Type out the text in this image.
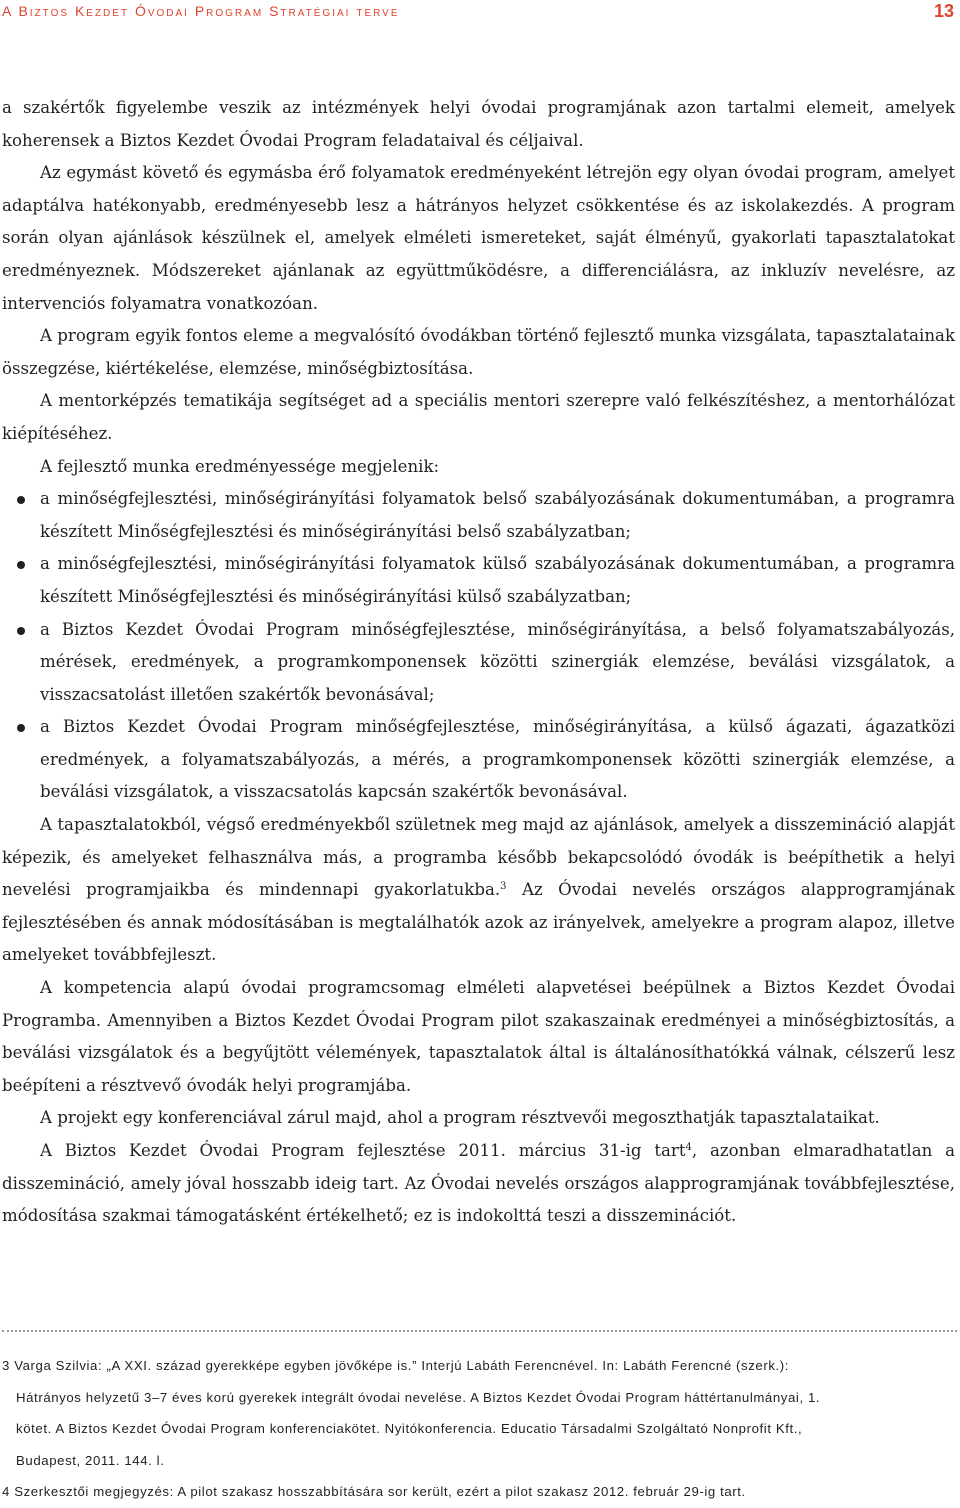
A Biztos Kezdet Óvodai Program Stratégiai terve	13

a szakértők figyelembe veszik az intézmények helyi óvodai programjának azon tartalmi elemeit, amelyek koherensek a Biztos Kezdet Óvodai Program feladataival és céljaival.

Az egymást követő és egymásba érő folyamatok eredményeként létrejön egy olyan óvodai program, amelyet adaptálva hatékonyabb, eredményesebb lesz a hátrányos helyzet csökkentése és az iskolakezdés. A program során olyan ajánlások készülnek el, amelyek elméleti ismereteket, saját élményű, gyakorlati tapasztalatokat eredményeznek. Módszereket ajánlanak az együttműködésre, a differenciálásra, az inkluzív nevelésre, az intervenciós folyamatra vonatkozóan.

A program egyik fontos eleme a megvalósító óvodákban történő fejlesztő munka vizsgálata, tapasztalatainak összegzése, kiértékelése, elemzése, minőségbiztosítása.

A mentorképzés tematikája segítséget ad a speciális mentori szerepre való felkészítéshez, a mentorhálózat kiépítéséhez.

A fejlesztő munka eredményessége megjelenik:

a minőségfejlesztési, minőségirányítási folyamatok belső szabályozásának dokumentumában, a programra készített Minőségfejlesztési és minőségirányítási belső szabályzatban;
a minőségfejlesztési, minőségirányítási folyamatok külső szabályozásának dokumentumában, a programra készített Minőségfejlesztési és minőségirányítási külső szabályzatban;
a Biztos Kezdet Óvodai Program minőségfejlesztése, minőségirányítása, a belső folyamatszabályozás, mérések, eredmények, a programkomponensek közötti szinergiák elemzése, beválási vizsgálatok, a visszacsatolást illetően szakértők bevonásával;
a Biztos Kezdet Óvodai Program minőségfejlesztése, minőségirányítása, a külső ágazati, ágazatközi eredmények, a folyamatszabályozás, a mérés, a programkomponensek közötti szinergiák elemzése, a beválási vizsgálatok, a visszacsatolás kapcsán szakértők bevonásával.

A tapasztalatokból, végső eredményekből születnek meg majd az ajánlások, amelyek a disszemináció alapját képezik, és amelyeket felhasználva más, a programba később bekapcsolódó óvodák is beépíthetik a helyi nevelési programjaikba és mindennapi gyakorlatukba.$^3$ Az Óvodai nevelés országos alapprogramjának fejlesztésében és annak módosításában is megtalálhatók azok az irányelvek, amelyekre a program alapoz, illetve amelyeket továbbfejleszt.

A kompetencia alapú óvodai programcsomag elméleti alapvetései beépülnek a Biztos Kezdet Óvodai Programba. Amennyiben a Biztos Kezdet Óvodai Program pilot szakaszainak eredményei a minőségbiztosítás, a beválási vizsgálatok és a begyűjtött vélemények, tapasztalatok által is általánosíthatókká válnak, célszerű lesz beépíteni a résztvevő óvodák helyi programjába.

A projekt egy konferenciával zárul majd, ahol a program résztvevői megoszthatják tapasztalataikat.

A Biztos Kezdet Óvodai Program fejlesztése 2011. március 31-ig tart$^4$, azonban elmaradhatatlan a disszemináció, amely jóval hosszabb ideig tart. Az Óvodai nevelés országos alapprogramjának továbbfejlesztése, módosítása szakmai támogatásként értékelhető; ez is indokolttá teszi a disszeminációt.

3 Varga Szilvia: „A XXI. század gyerekképe egyben jövőképe is.” Interjú Labáth Ferencnével. In: Labáth Ferencné (szerk.):

Hátrányos helyzetű 3–7 éves korú gyerekek integrált óvodai nevelése. A Biztos Kezdet Óvodai Program háttértanulmányai, 1.

kötet. A Biztos Kezdet Óvodai Program konferenciakötet. Nyitókonferencia. Educatio Társadalmi Szolgáltató Nonprofit Kft.,

Budapest, 2011. 144. l.

4 Szerkesztői megjegyzés: A pilot szakasz hosszabbítására sor került, ezért a pilot szakasz 2012. február 29-ig tart.
